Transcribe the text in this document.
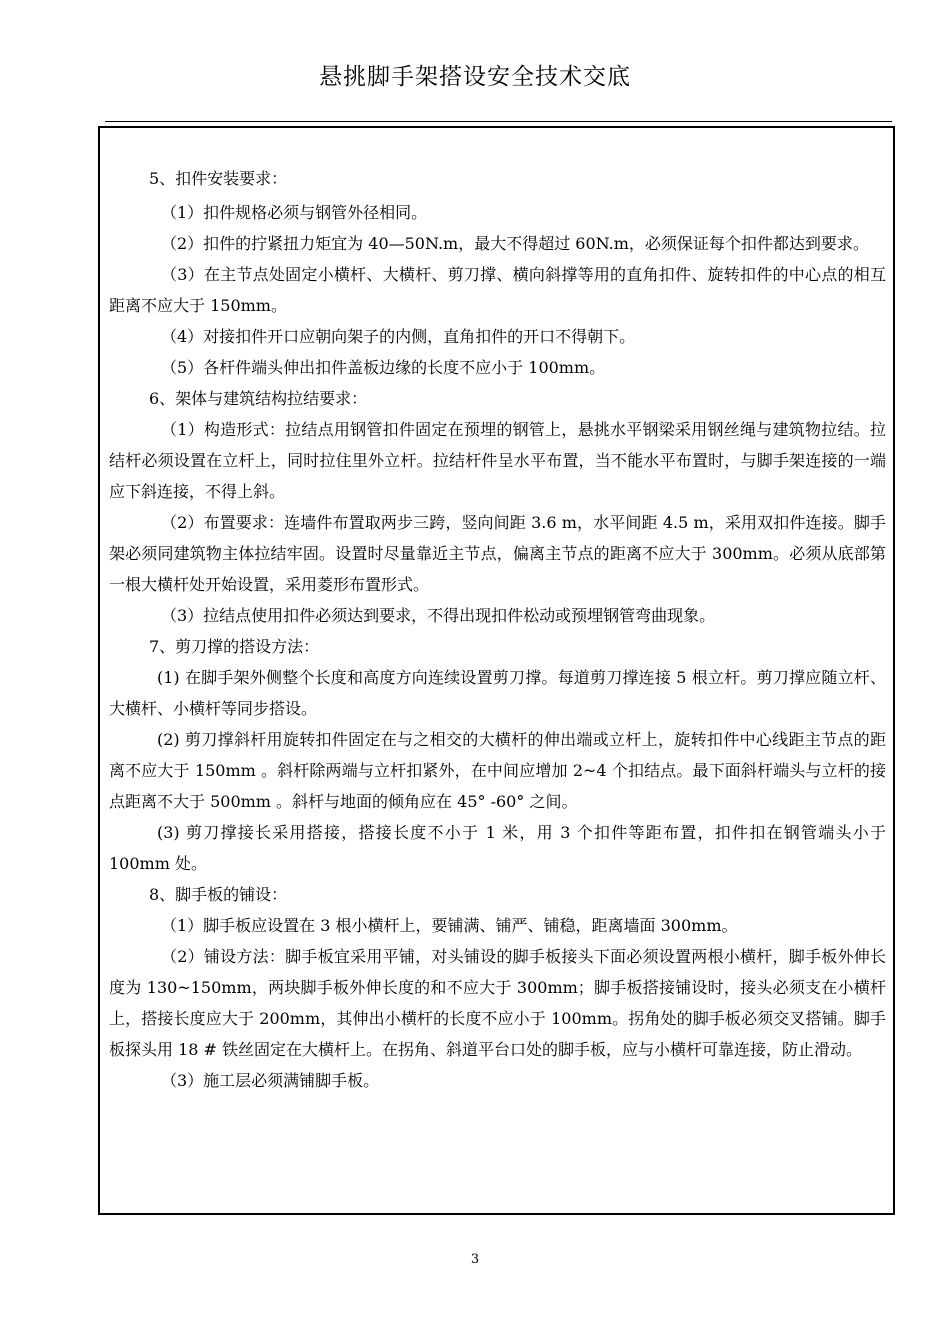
悬挑脚手架搭设安全技术交底

5、扣件安装要求：

（1）扣件规格必须与钢管外径相同。

（2）扣件的拧紧扭力矩宜为 40—50N.m，最大不得超过 60N.m，必须保证每个扣件都达到要求。

（3）在主节点处固定小横杆、大横杆、剪刀撑、横向斜撑等用的直角扣件、旋转扣件的中心点的相互距离不应大于 150mm。

（4）对接扣件开口应朝向架子的内侧，直角扣件的开口不得朝下。

（5）各杆件端头伸出扣件盖板边缘的长度不应小于 100mm。

6、架体与建筑结构拉结要求：

（1）构造形式：拉结点用钢管扣件固定在预埋的钢管上，悬挑水平钢梁采用钢丝绳与建筑物拉结。拉结杆必须设置在立杆上，同时拉住里外立杆。拉结杆件呈水平布置，当不能水平布置时，与脚手架连接的一端应下斜连接，不得上斜。

（2）布置要求：连墙件布置取两步三跨，竖向间距 3.6 m，水平间距 4.5 m，采用双扣件连接。脚手架必须同建筑物主体拉结牢固。设置时尽量靠近主节点，偏离主节点的距离不应大于 300mm。必须从底部第一根大横杆处开始设置，采用菱形布置形式。

（3）拉结点使用扣件必须达到要求，不得出现扣件松动或预埋钢管弯曲现象。

7、剪刀撑的搭设方法：

(1) 在脚手架外侧整个长度和高度方向连续设置剪刀撑。每道剪刀撑连接 5 根立杆。剪刀撑应随立杆、大横杆、小横杆等同步搭设。

(2) 剪刀撑斜杆用旋转扣件固定在与之相交的大横杆的伸出端或立杆上，旋转扣件中心线距主节点的距离不应大于 150mm 。斜杆除两端与立杆扣紧外，在中间应增加 2~4 个扣结点。最下面斜杆端头与立杆的接点距离不大于 500mm 。斜杆与地面的倾角应在 45° -60° 之间。

(3) 剪刀撑接长采用搭接，搭接长度不小于 1 米，用 3 个扣件等距布置，扣件扣在钢管端头小于 100mm 处。

8、脚手板的铺设：

（1）脚手板应设置在 3 根小横杆上，要铺满、铺严、铺稳，距离墙面 300mm。

（2）铺设方法：脚手板宜采用平铺，对头铺设的脚手板接头下面必须设置两根小横杆，脚手板外伸长度为 130~150mm，两块脚手板外伸长度的和不应大于 300mm；脚手板搭接铺设时，接头必须支在小横杆上，搭接长度应大于 200mm，其伸出小横杆的长度不应小于 100mm。拐角处的脚手板必须交叉搭铺。脚手板探头用 18 # 铁丝固定在大横杆上。在拐角、斜道平台口处的脚手板，应与小横杆可靠连接，防止滑动。

（3）施工层必须满铺脚手板。

3
